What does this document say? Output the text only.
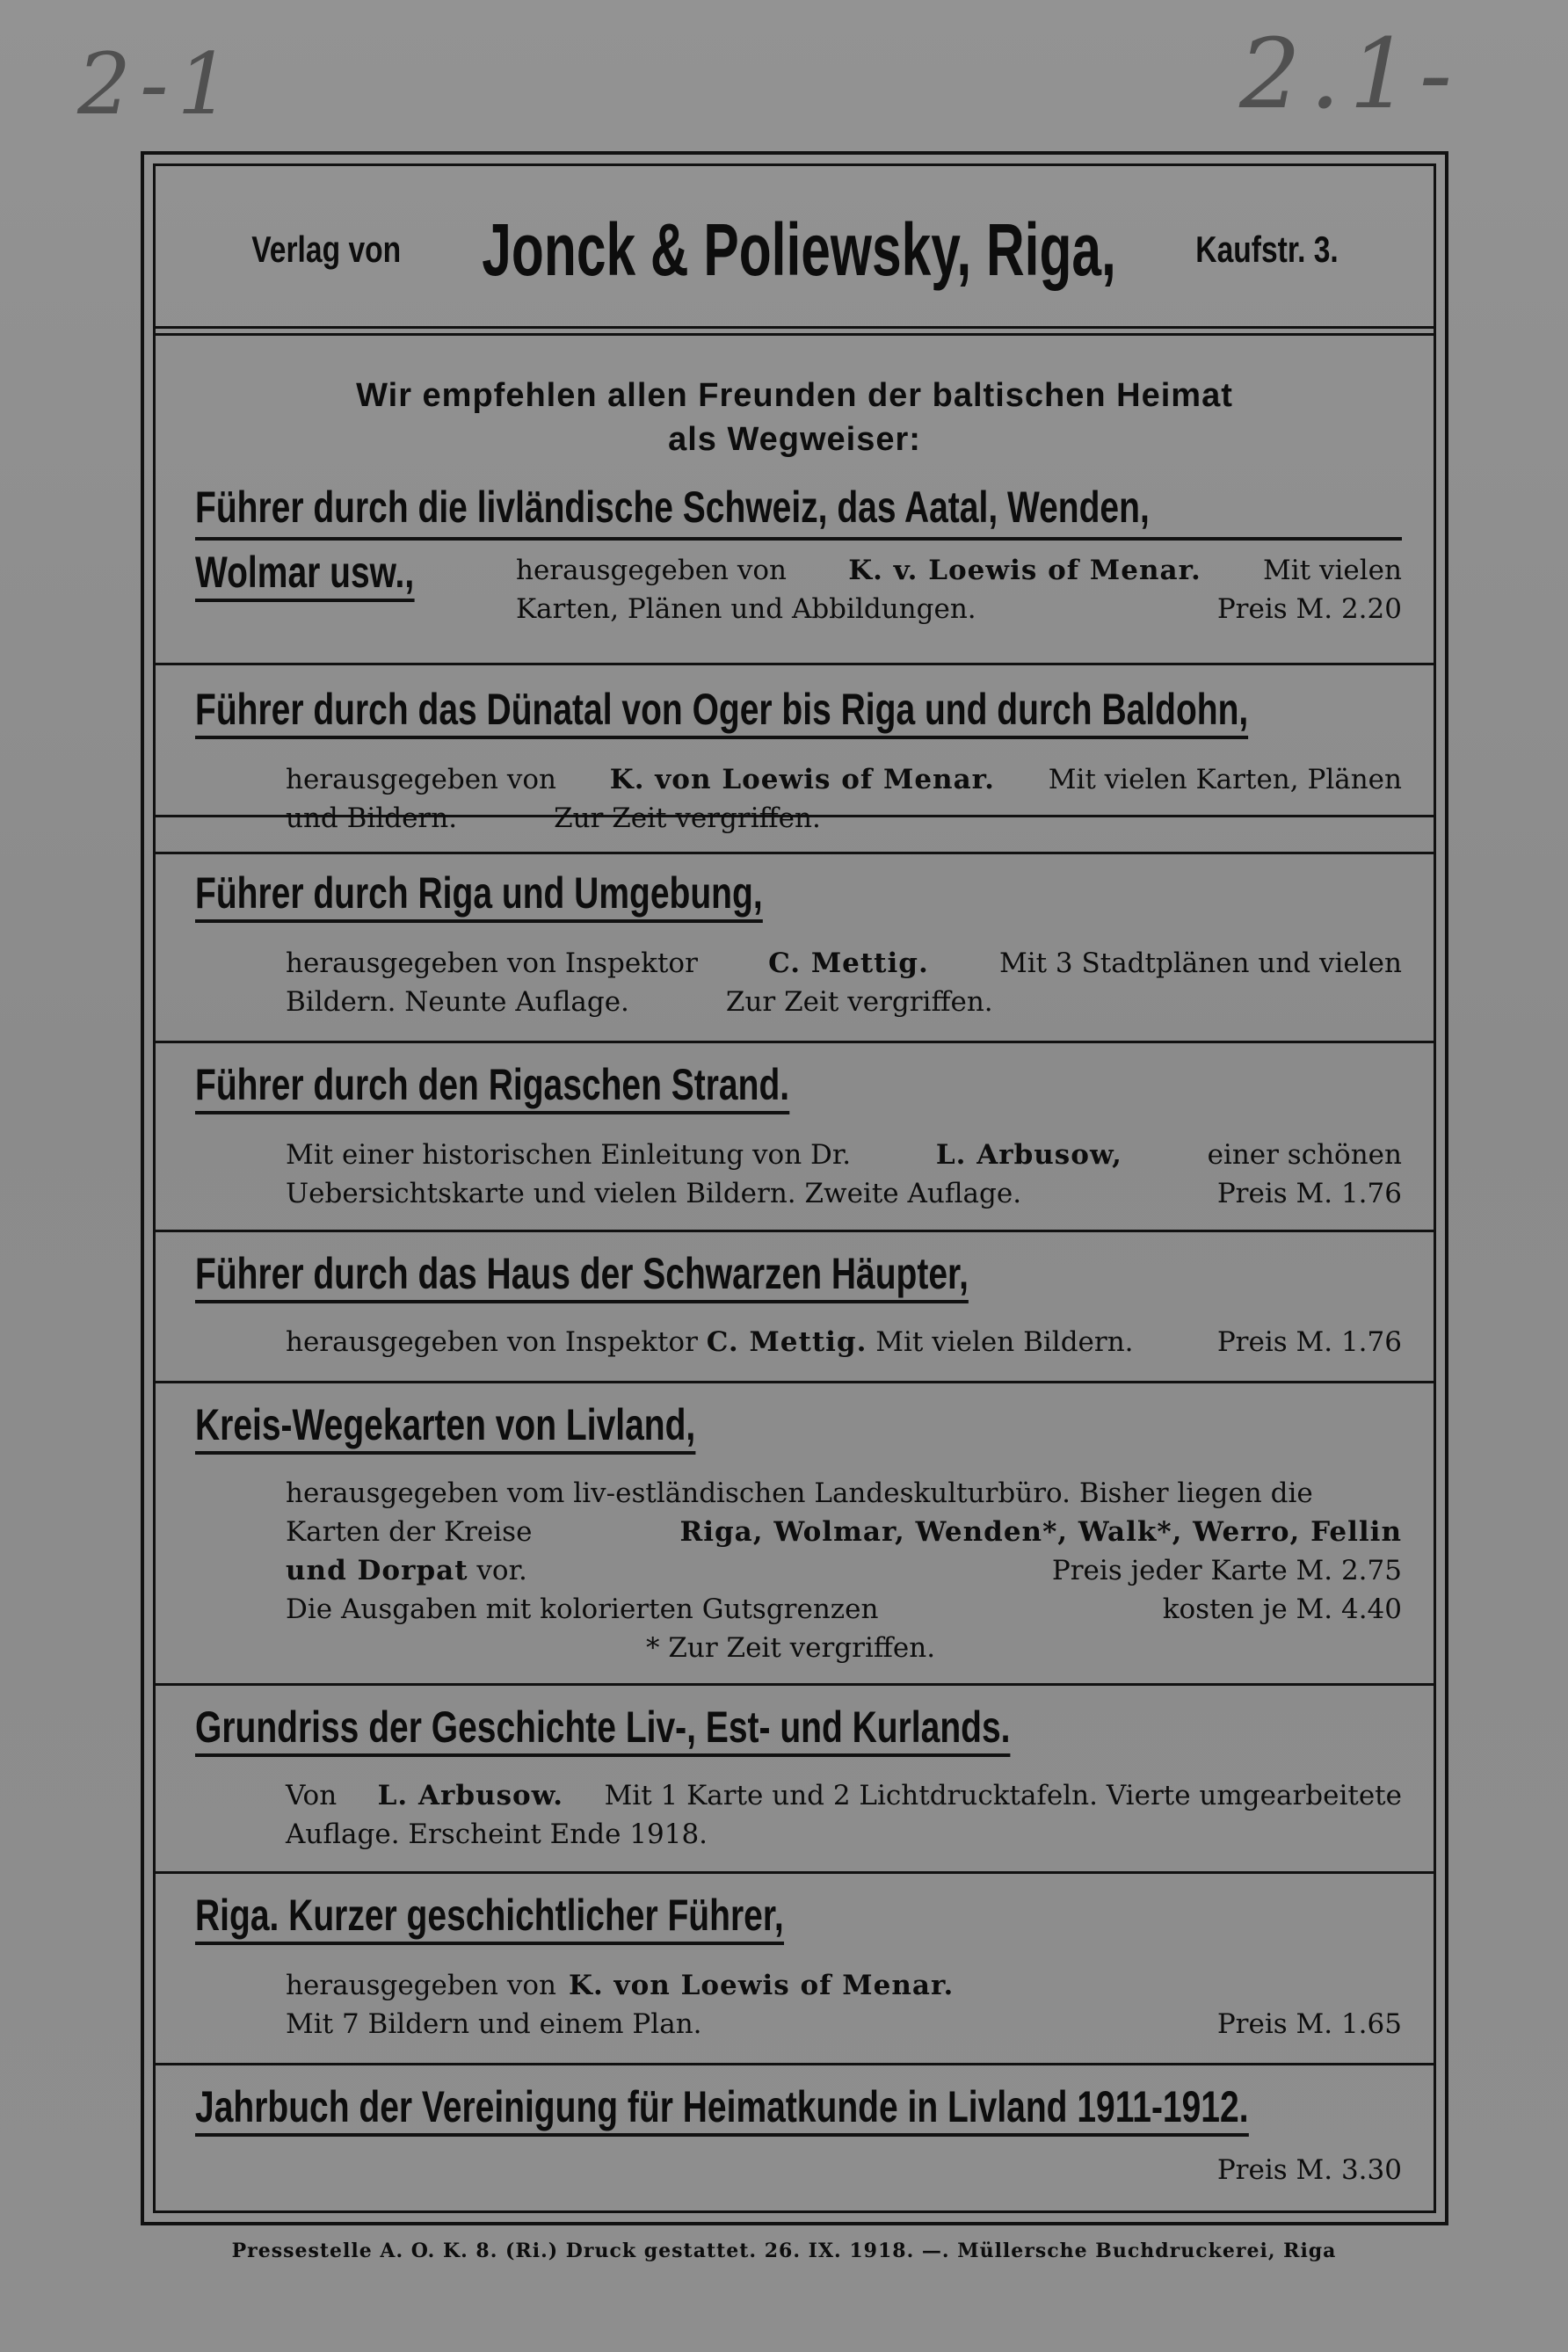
2-1	2.1-
Verlag von Jonck & Poliewsky, Riga, Kaufstr. 3.
Wir empfehlen allen Freunden der baltischen Heimat
als Wegweiser:
Führer durch die livländische Schweiz, das Aatal, Wenden,
Wolmar usw.,	herausgegeben von K. v. Loewis of Menar. Mit vielen
Karten, Plänen und Abbildungen.	Preis M. 2.20
Führer durch das Dünatal von Oger bis Riga und durch Baldohn,
herausgegeben von K. von Loewis of Menar. Mit vielen Karten, Plänen
und Bildern.	Zur Zeit vergriffen.
Führer durch Riga und Umgebung,
herausgegeben von Inspektor	C. Mettig.	Mit 3 Stadtplänen und vielen
Bildern. Neunte Auflage.	Zur Zeit vergriffen.
Führer durch den Rigaschen Strand.
Mit einer historischen Einleitung von Dr.	L. Arbusow,	einer schönen
Uebersichtskarte und vielen Bildern. Zweite Auflage.	Preis M. 1.76
Führer durch das Haus der Schwarzen Häupter,
herausgegeben von Inspektor C. Mettig. Mit vielen Bildern.	Preis M. 1.76
Kreis-Wegekarten von Livland,
herausgegeben vom liv-estländischen Landeskulturbüro. Bisher liegen die
Karten der Kreise	Riga, Wolmar, Wenden*, Walk*, Werro, Fellin
und Dorpat vor.	Preis jeder Karte M. 2.75
Die Ausgaben mit kolorierten Gutsgrenzen	kosten je M. 4.40
* Zur Zeit vergriffen.
Grundriss der Geschichte Liv-, Est- und Kurlands.
Von L. Arbusow. Mit 1 Karte und 2 Lichtdrucktafeln. Vierte umgearbeitete
Auflage. Erscheint Ende 1918.
Riga. Kurzer geschichtlicher Führer,
herausgegeben von K. von Loewis of Menar.
Mit 7 Bildern und einem Plan.	Preis M. 1.65
Jahrbuch der Vereinigung für Heimatkunde in Livland 1911-1912.
Preis M. 3.30
Pressestelle A. O. K. 8. (Ri.) Druck gestattet. 26. IX. 1918. —. Müllersche Buchdruckerei, Riga
